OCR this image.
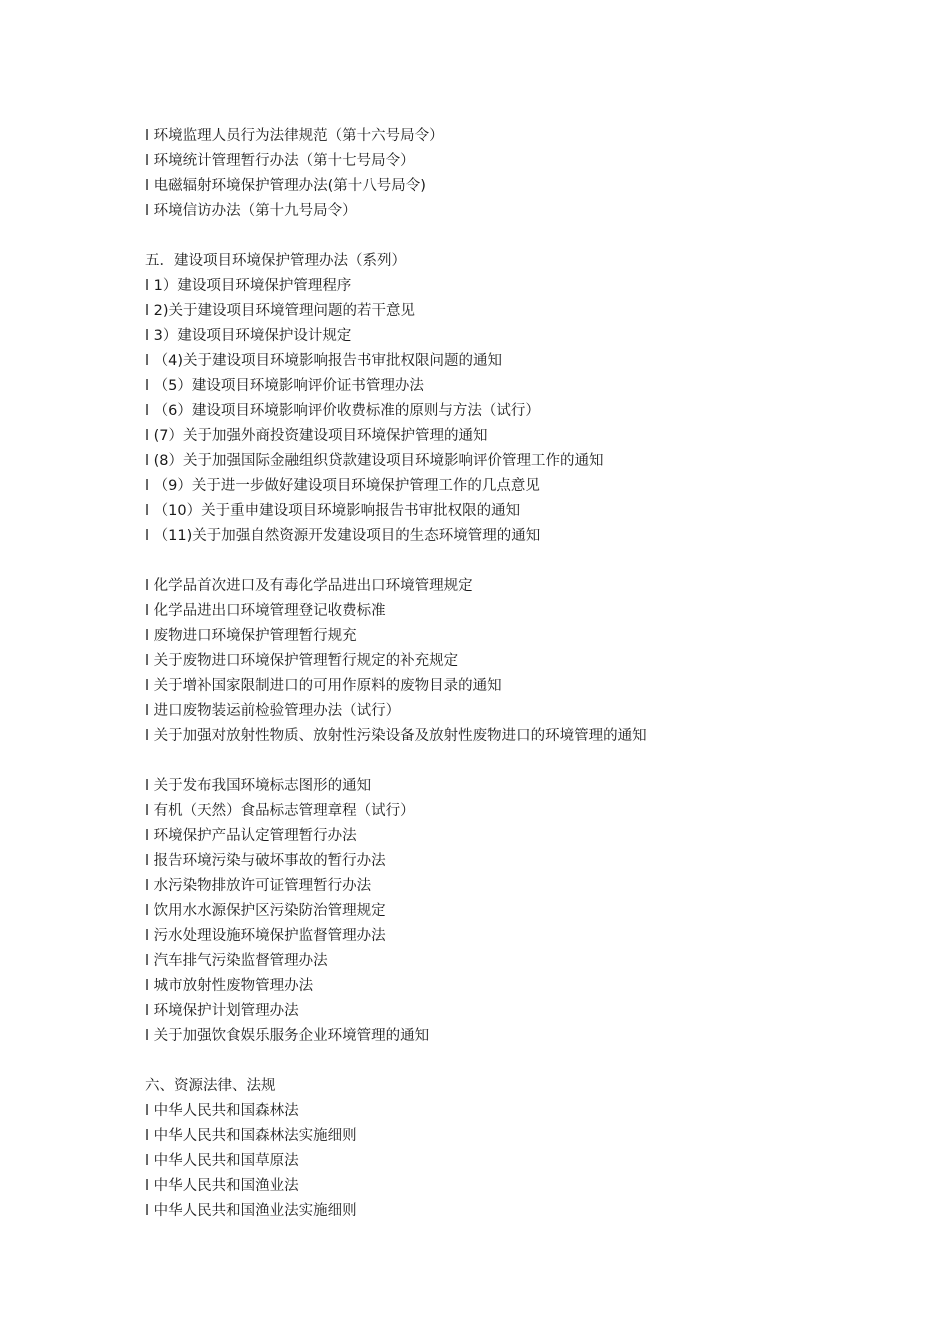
l 环境监理人员行为法律规范（第十六号局令）
l 环境统计管理暂行办法（第十七号局令）
l 电磁辐射环境保护管理办法(第十八号局令)
l 环境信访办法（第十九号局令）
五．建设项目环境保护管理办法（系列）
l 1）建设项目环境保护管理程序
l 2)关于建设项目环境管理问题的若干意见
l 3）建设项目环境保护设计规定
l （4)关于建设项目环境影响报告书审批权限问题的通知
l （5）建设项目环境影响评价证书管理办法
l （6）建设项目环境影响评价收费标准的原则与方法（试行）
l (7）关于加强外商投资建设项目环境保护管理的通知
l (8）关于加强国际金融组织贷款建设项目环境影响评价管理工作的通知
l （9）关于进一步做好建设项目环境保护管理工作的几点意见
l （10）关于重申建设项目环境影响报告书审批权限的通知
l （11)关于加强自然资源开发建设项目的生态环境管理的通知
l 化学品首次进口及有毒化学品进出口环境管理规定
l 化学品进出口环境管理登记收费标准
l 废物进口环境保护管理暂行规充
l 关于废物进口环境保护管理暂行规定的补充规定
l 关于增补国家限制进口的可用作原料的废物目录的通知
l 进口废物装运前检验管理办法（试行）
l 关于加强对放射性物质、放射性污染设备及放射性废物进口的环境管理的通知
l 关于发布我国环境标志图形的通知
l 有机（天然）食品标志管理章程（试行）
l 环境保护产品认定管理暂行办法
l 报告环境污染与破坏事故的暂行办法
l 水污染物排放许可证管理暂行办法
l 饮用水水源保护区污染防治管理规定
l 污水处理设施环境保护监督管理办法
l 汽车排气污染监督管理办法
l 城市放射性废物管理办法
l 环境保护计划管理办法
l 关于加强饮食娱乐服务企业环境管理的通知
六、资源法律、法规
l 中华人民共和国森林法
l 中华人民共和国森林法实施细则
l 中华人民共和国草原法
l 中华人民共和国渔业法
l 中华人民共和国渔业法实施细则
